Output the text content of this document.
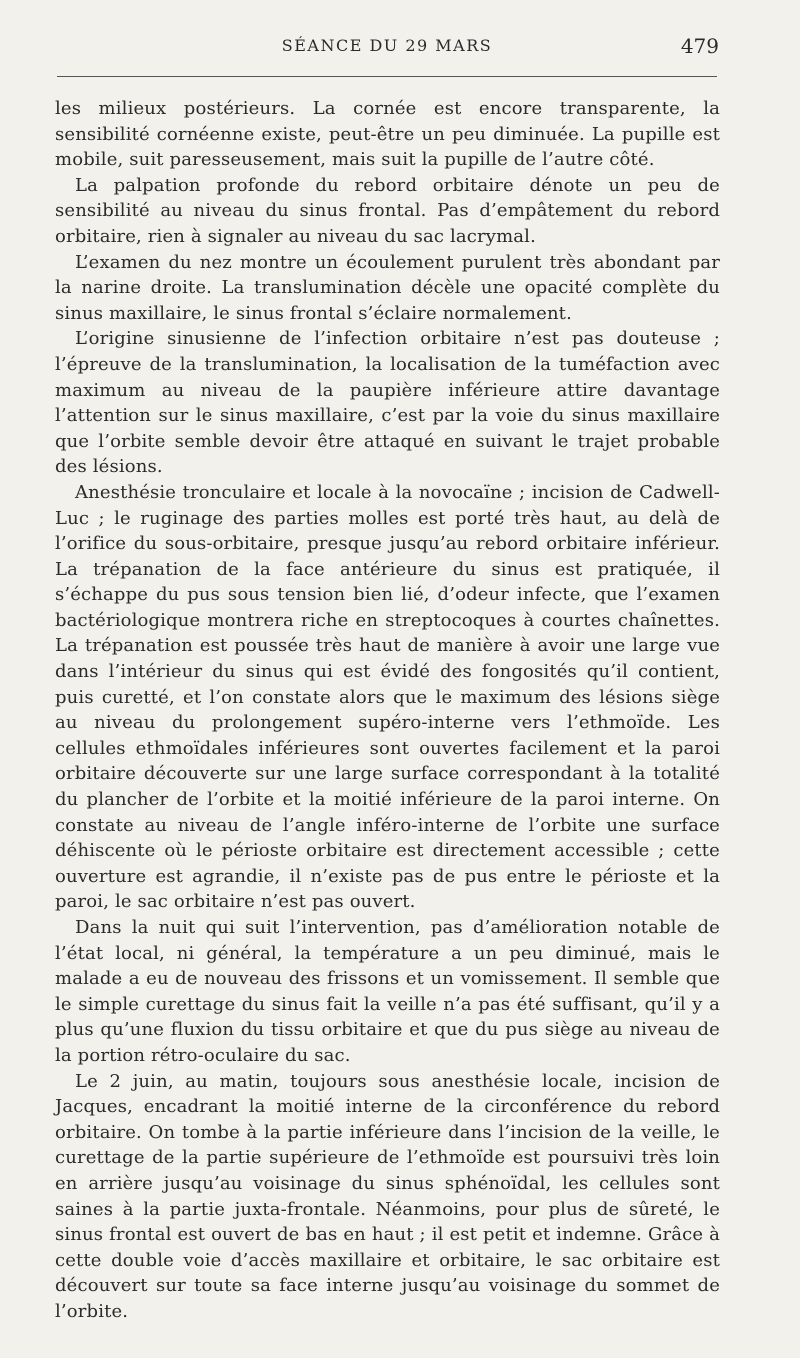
SÉANCE DU 29 MARS	479

les milieux postérieurs. La cornée est encore transparente, la sensibilité cornéenne existe, peut-être un peu diminuée. La pupille est mobile, suit paresseusement, mais suit la pupille de l’autre côté.

La palpation profonde du rebord orbitaire dénote un peu de sensibilité au niveau du sinus frontal. Pas d’empâtement du rebord orbitaire, rien à signaler au niveau du sac lacrymal.

L’examen du nez montre un écoulement purulent très abondant par la narine droite. La translumination décèle une opacité complète du sinus maxillaire, le sinus frontal s’éclaire normalement.

L’origine sinusienne de l’infection orbitaire n’est pas douteuse ; l’épreuve de la translumination, la localisation de la tuméfaction avec maximum au niveau de la paupière inférieure attire davantage l’attention sur le sinus maxillaire, c’est par la voie du sinus maxillaire que l’orbite semble devoir être attaqué en suivant le trajet probable des lésions.

Anesthésie tronculaire et locale à la novocaïne ; incision de Cadwell-Luc ; le ruginage des parties molles est porté très haut, au delà de l’orifice du sous-orbitaire, presque jusqu’au rebord orbitaire inférieur. La trépanation de la face antérieure du sinus est pratiquée, il s’échappe du pus sous tension bien lié, d’odeur infecte, que l’examen bactériologique montrera riche en streptocoques à courtes chaînettes. La trépanation est poussée très haut de manière à avoir une large vue dans l’intérieur du sinus qui est évidé des fongosités qu’il contient, puis curetté, et l’on constate alors que le maximum des lésions siège au niveau du prolongement supéro-interne vers l’ethmoïde. Les cellules ethmoïdales inférieures sont ouvertes facilement et la paroi orbitaire découverte sur une large surface correspondant à la totalité du plancher de l’orbite et la moitié inférieure de la paroi interne. On constate au niveau de l’angle inféro-interne de l’orbite une surface déhiscente où le périoste orbitaire est directement accessible ; cette ouverture est agrandie, il n’existe pas de pus entre le périoste et la paroi, le sac orbitaire n’est pas ouvert.

Dans la nuit qui suit l’intervention, pas d’amélioration notable de l’état local, ni général, la température a un peu diminué, mais le malade a eu de nouveau des frissons et un vomissement. Il semble que le simple curettage du sinus fait la veille n’a pas été suffisant, qu’il y a plus qu’une fluxion du tissu orbitaire et que du pus siège au niveau de la portion rétro-oculaire du sac.

Le 2 juin, au matin, toujours sous anesthésie locale, incision de Jacques, encadrant la moitié interne de la circonférence du rebord orbitaire. On tombe à la partie inférieure dans l’incision de la veille, le curettage de la partie supérieure de l’ethmoïde est poursuivi très loin en arrière jusqu’au voisinage du sinus sphénoïdal, les cellules sont saines à la partie juxta-frontale. Néanmoins, pour plus de sûreté, le sinus frontal est ouvert de bas en haut ; il est petit et indemne. Grâce à cette double voie d’accès maxillaire et orbitaire, le sac orbitaire est découvert sur toute sa face interne jusqu’au voisinage du sommet de l’orbite.
